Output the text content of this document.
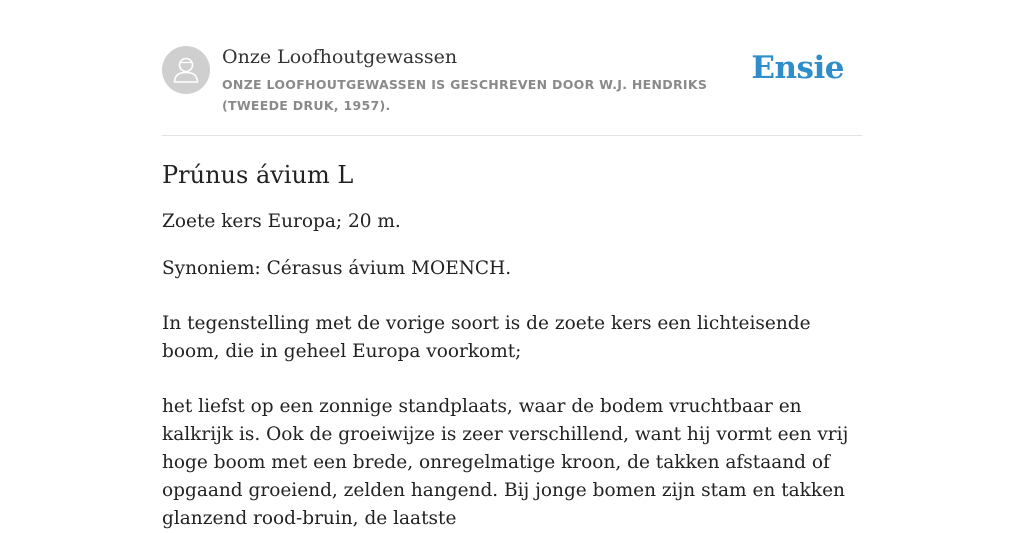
Onze Loofhoutgewassen
ONZE LOOFHOUTGEWASSEN IS GESCHREVEN DOOR W.J. HENDRIKS (TWEEDE DRUK, 1957).
Ensie
Prúnus ávium L

Zoete kers Europa; 20 m.

Synoniem: Cérasus ávium MOENCH.

In tegenstelling met de vorige soort is de zoete kers een lichteisende boom, die in geheel Europa voorkomt;

het liefst op een zonnige standplaats, waar de bodem vruchtbaar en kalkrijk is. Ook de groeiwijze is zeer verschillend, want hij vormt een vrij hoge boom met een brede, onregelmatige kroon, de takken afstaand of opgaand groeiend, zelden hangend. Bij jonge bomen zijn stam en takken glanzend rood-bruin, de laatste
